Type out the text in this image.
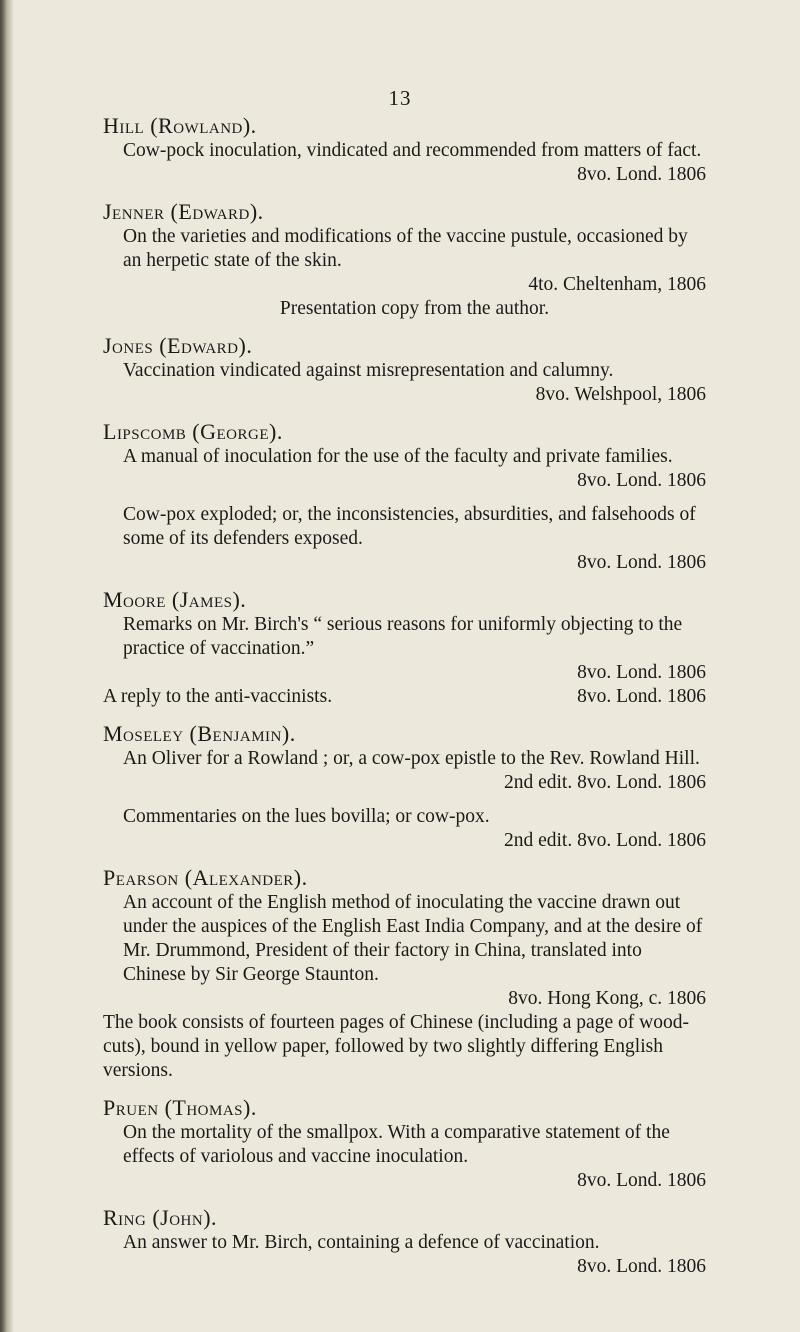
13
Hill (Rowland).
Cow-pock inoculation, vindicated and recommended from matters of fact.
8vo. Lond. 1806
Jenner (Edward).
On the varieties and modifications of the vaccine pustule, occasioned by an herpetic state of the skin.
4to. Cheltenham, 1806
Presentation copy from the author.
Jones (Edward).
Vaccination vindicated against misrepresentation and calumny.
8vo. Welshpool, 1806
Lipscomb (George).
A manual of inoculation for the use of the faculty and private families.
8vo. Lond. 1806
Cow-pox exploded; or, the inconsistencies, absurdities, and falsehoods of some of its defenders exposed.
8vo. Lond. 1806
Moore (James).
Remarks on Mr. Birch's “ serious reasons for uniformly objecting to the practice of vaccination.”
8vo. Lond. 1806
A reply to the anti-vaccinists.	8vo. Lond. 1806
Moseley (Benjamin).
An Oliver for a Rowland ; or, a cow-pox epistle to the Rev. Rowland Hill.
2nd edit. 8vo. Lond. 1806
Commentaries on the lues bovilla; or cow-pox.
2nd edit. 8vo. Lond. 1806
Pearson (Alexander).
An account of the English method of inoculating the vaccine drawn out under the auspices of the English East India Company, and at the desire of Mr. Drummond, President of their factory in China, translated into Chinese by Sir George Staunton.
8vo. Hong Kong, c. 1806
The book consists of fourteen pages of Chinese (including a page of wood-cuts), bound in yellow paper, followed by two slightly differing English versions.
Pruen (Thomas).
On the mortality of the smallpox. With a comparative statement of the effects of variolous and vaccine inoculation.
8vo. Lond. 1806
Ring (John).
An answer to Mr. Birch, containing a defence of vaccination.
8vo. Lond. 1806
